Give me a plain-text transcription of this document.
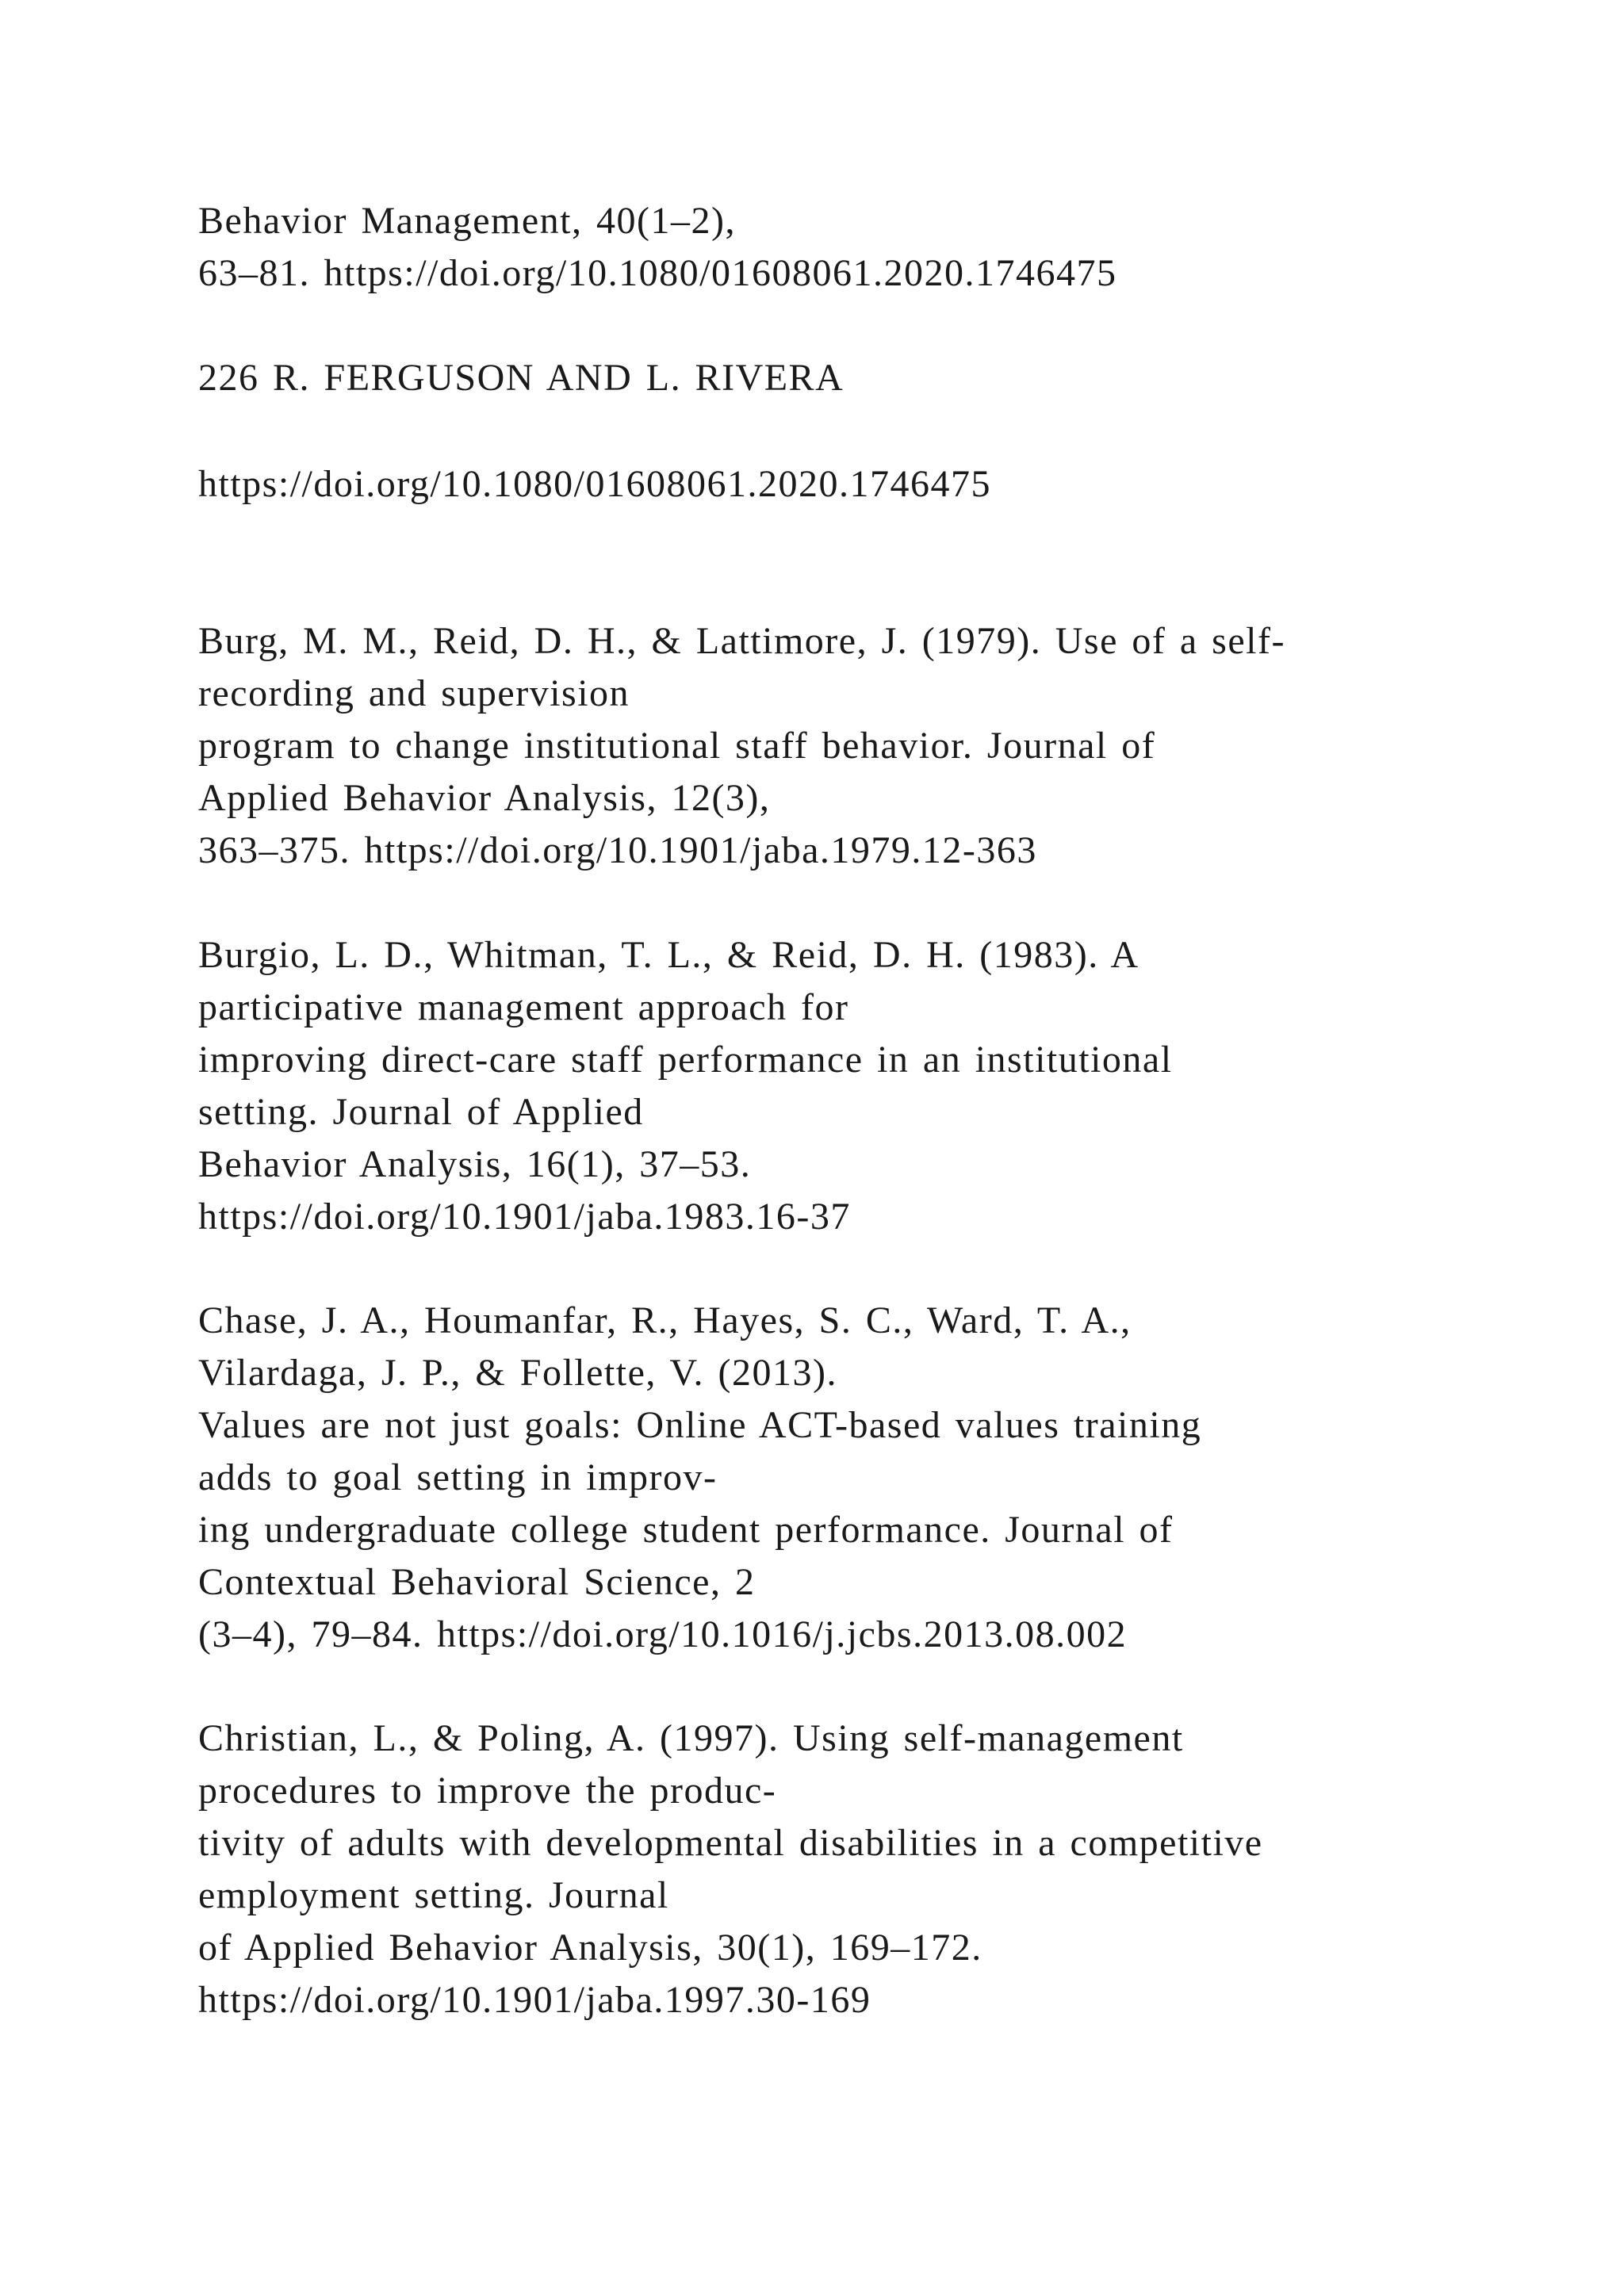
Behavior Management, 40(1–2),
63–81. https://doi.org/10.1080/01608061.2020.1746475
226 R. FERGUSON AND L. RIVERA
https://doi.org/10.1080/01608061.2020.1746475
Burg, M. M., Reid, D. H., & Lattimore, J. (1979). Use of a self-
recording and supervision
program to change institutional staff behavior. Journal of
Applied Behavior Analysis, 12(3),
363–375. https://doi.org/10.1901/jaba.1979.12-363
Burgio, L. D., Whitman, T. L., & Reid, D. H. (1983). A
participative management approach for
improving direct-care staff performance in an institutional
setting. Journal of Applied
Behavior Analysis, 16(1), 37–53.
https://doi.org/10.1901/jaba.1983.16-37
Chase, J. A., Houmanfar, R., Hayes, S. C., Ward, T. A.,
Vilardaga, J. P., & Follette, V. (2013).
Values are not just goals: Online ACT-based values training
adds to goal setting in improv-
ing undergraduate college student performance. Journal of
Contextual Behavioral Science, 2
(3–4), 79–84. https://doi.org/10.1016/j.jcbs.2013.08.002
Christian, L., & Poling, A. (1997). Using self-management
procedures to improve the produc-
tivity of adults with developmental disabilities in a competitive
employment setting. Journal
of Applied Behavior Analysis, 30(1), 169–172.
https://doi.org/10.1901/jaba.1997.30-169
